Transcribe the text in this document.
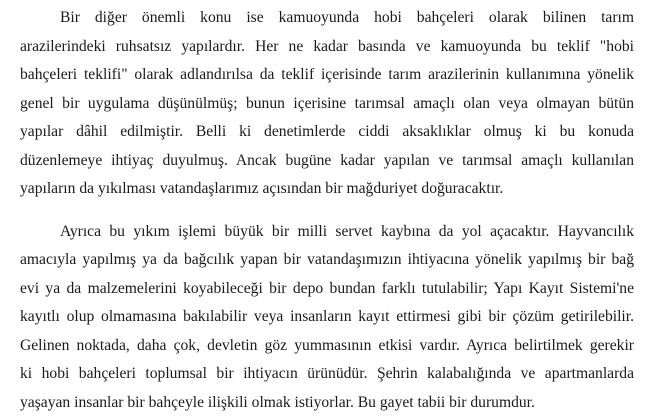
Bir diğer önemli konu ise kamuoyunda hobi bahçeleri olarak bilinen tarım
arazilerindeki ruhsatsız yapılardır. Her ne kadar basında ve kamuoyunda bu teklif "hobi
bahçeleri teklifi" olarak adlandırılsa da teklif içerisinde tarım arazilerinin kullanımına yönelik
genel bir uygulama düşünülmüş; bunun içerisine tarımsal amaçlı olan veya olmayan bütün
yapılar dâhil edilmiştir. Belli ki denetimlerde ciddi aksaklıklar olmuş ki bu konuda
düzenlemeye ihtiyaç duyulmuş. Ancak bugüne kadar yapılan ve tarımsal amaçlı kullanılan
yapıların da yıkılması vatandaşlarımız açısından bir mağduriyet doğuracaktır.
Ayrıca bu yıkım işlemi büyük bir milli servet kaybına da yol açacaktır. Hayvancılık
amacıyla yapılmış ya da bağcılık yapan bir vatandaşımızın ihtiyacına yönelik yapılmış bir bağ
evi ya da malzemelerini koyabileceği bir depo bundan farklı tutulabilir; Yapı Kayıt Sistemi'ne
kayıtlı olup olmamasına bakılabilir veya insanların kayıt ettirmesi gibi bir çözüm getirilebilir.
Gelinen noktada, daha çok, devletin göz yummasının etkisi vardır. Ayrıca belirtilmek gerekir
ki hobi bahçeleri toplumsal bir ihtiyacın ürünüdür. Şehrin kalabalığında ve apartmanlarda
yaşayan insanlar bir bahçeyle ilişkili olmak istiyorlar. Bu gayet tabii bir durumdur.
